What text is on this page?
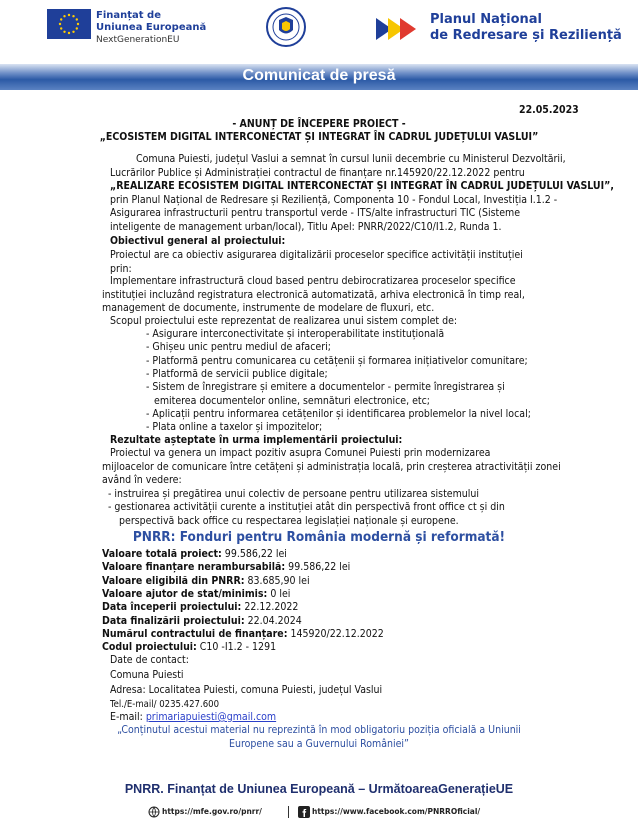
Finanțat de
Uniunea Europeană
NextGenerationEU
Planul Național
de Redresare și Reziliență
Comunicat de presă
22.05.2023
- ANUNȚ DE ÎNCEPERE PROIECT -
„ECOSISTEM DIGITAL INTERCONECTAT ȘI INTEGRAT ÎN CADRUL JUDEȚULUI VASLUI”
Comuna Puiesti, județul Vaslui a semnat în cursul lunii decembrie cu Ministerul Dezvoltării,
Lucrărilor Publice și Administrației contractul de finanțare nr.145920/22.12.2022 pentru
„REALIZARE ECOSISTEM DIGITAL INTERCONECTAT ȘI INTEGRAT ÎN CADRUL JUDEȚULUI VASLUI”,
prin Planul Național de Redresare și Reziliență, Componenta 10 - Fondul Local, Investiția I.1.2 -
Asigurarea infrastructurii pentru transportul verde - ITS/alte infrastructuri TIC (Sisteme
inteligente de management urban/local), Titlu Apel: PNRR/2022/C10/I1.2, Runda 1.
Obiectivul general al proiectului:
Proiectul are ca obiectiv asigurarea digitalizării proceselor specifice activității instituției
prin:
Implementare infrastructură cloud based pentru debirocratizarea proceselor specifice
instituției incluzând registratura electronică automatizată, arhiva electronică în timp real,
management de documente, instrumente de modelare de fluxuri, etc.
Scopul proiectului este reprezentat de realizarea unui sistem complet de:
- Asigurare interconectivitate și interoperabilitate instituțională
- Ghișeu unic pentru mediul de afaceri;
- Platformă pentru comunicarea cu cetățenii și formarea inițiativelor comunitare;
- Platformă de servicii publice digitale;
- Sistem de înregistrare și emitere a documentelor - permite înregistrarea și
emiterea documentelor online, semnături electronice, etc;
- Aplicații pentru informarea cetățenilor și identificarea problemelor la nivel local;
- Plata online a taxelor și impozitelor;
Rezultate așteptate în urma implementării proiectului:
Proiectul va genera un impact pozitiv asupra Comunei Puiesti prin modernizarea
mijloacelor de comunicare între cetățeni și administrația locală, prin creșterea atractivității zonei
având în vedere:
- instruirea și pregătirea unui colectiv de persoane pentru utilizarea sistemului
- gestionarea activității curente a instituției atât din perspectivă front office ct și din
perspectivă back office cu respectarea legislației naționale și europene.
PNRR: Fonduri pentru România modernă și reformată!
Valoare totală proiect: 99.586,22 lei
Valoare finanțare nerambursabilă: 99.586,22 lei
Valoare eligibilă din PNRR: 83.685,90 lei
Valoare ajutor de stat/minimis: 0 lei
Data începerii proiectului: 22.12.2022
Data finalizării proiectului: 22.04.2024
Numărul contractului de finanțare: 145920/22.12.2022
Codul proiectului: C10 -I1.2 - 1291
Date de contact:
Comuna Puiesti
Adresa: Localitatea Puiesti, comuna Puiesti, județul Vaslui
Tel./E-mail/ 0235.427.600
E-mail: primariapuiesti@gmail.com
„Conținutul acestui material nu reprezintă în mod obligatoriu poziția oficială a Uniunii
Europene sau a Guvernului României”
PNRR. Finanțat de Uniunea Europeană – UrmătoareaGenerațieUE
https://mfe.gov.ro/pnrr/	https://www.facebook.com/PNRROficial/
